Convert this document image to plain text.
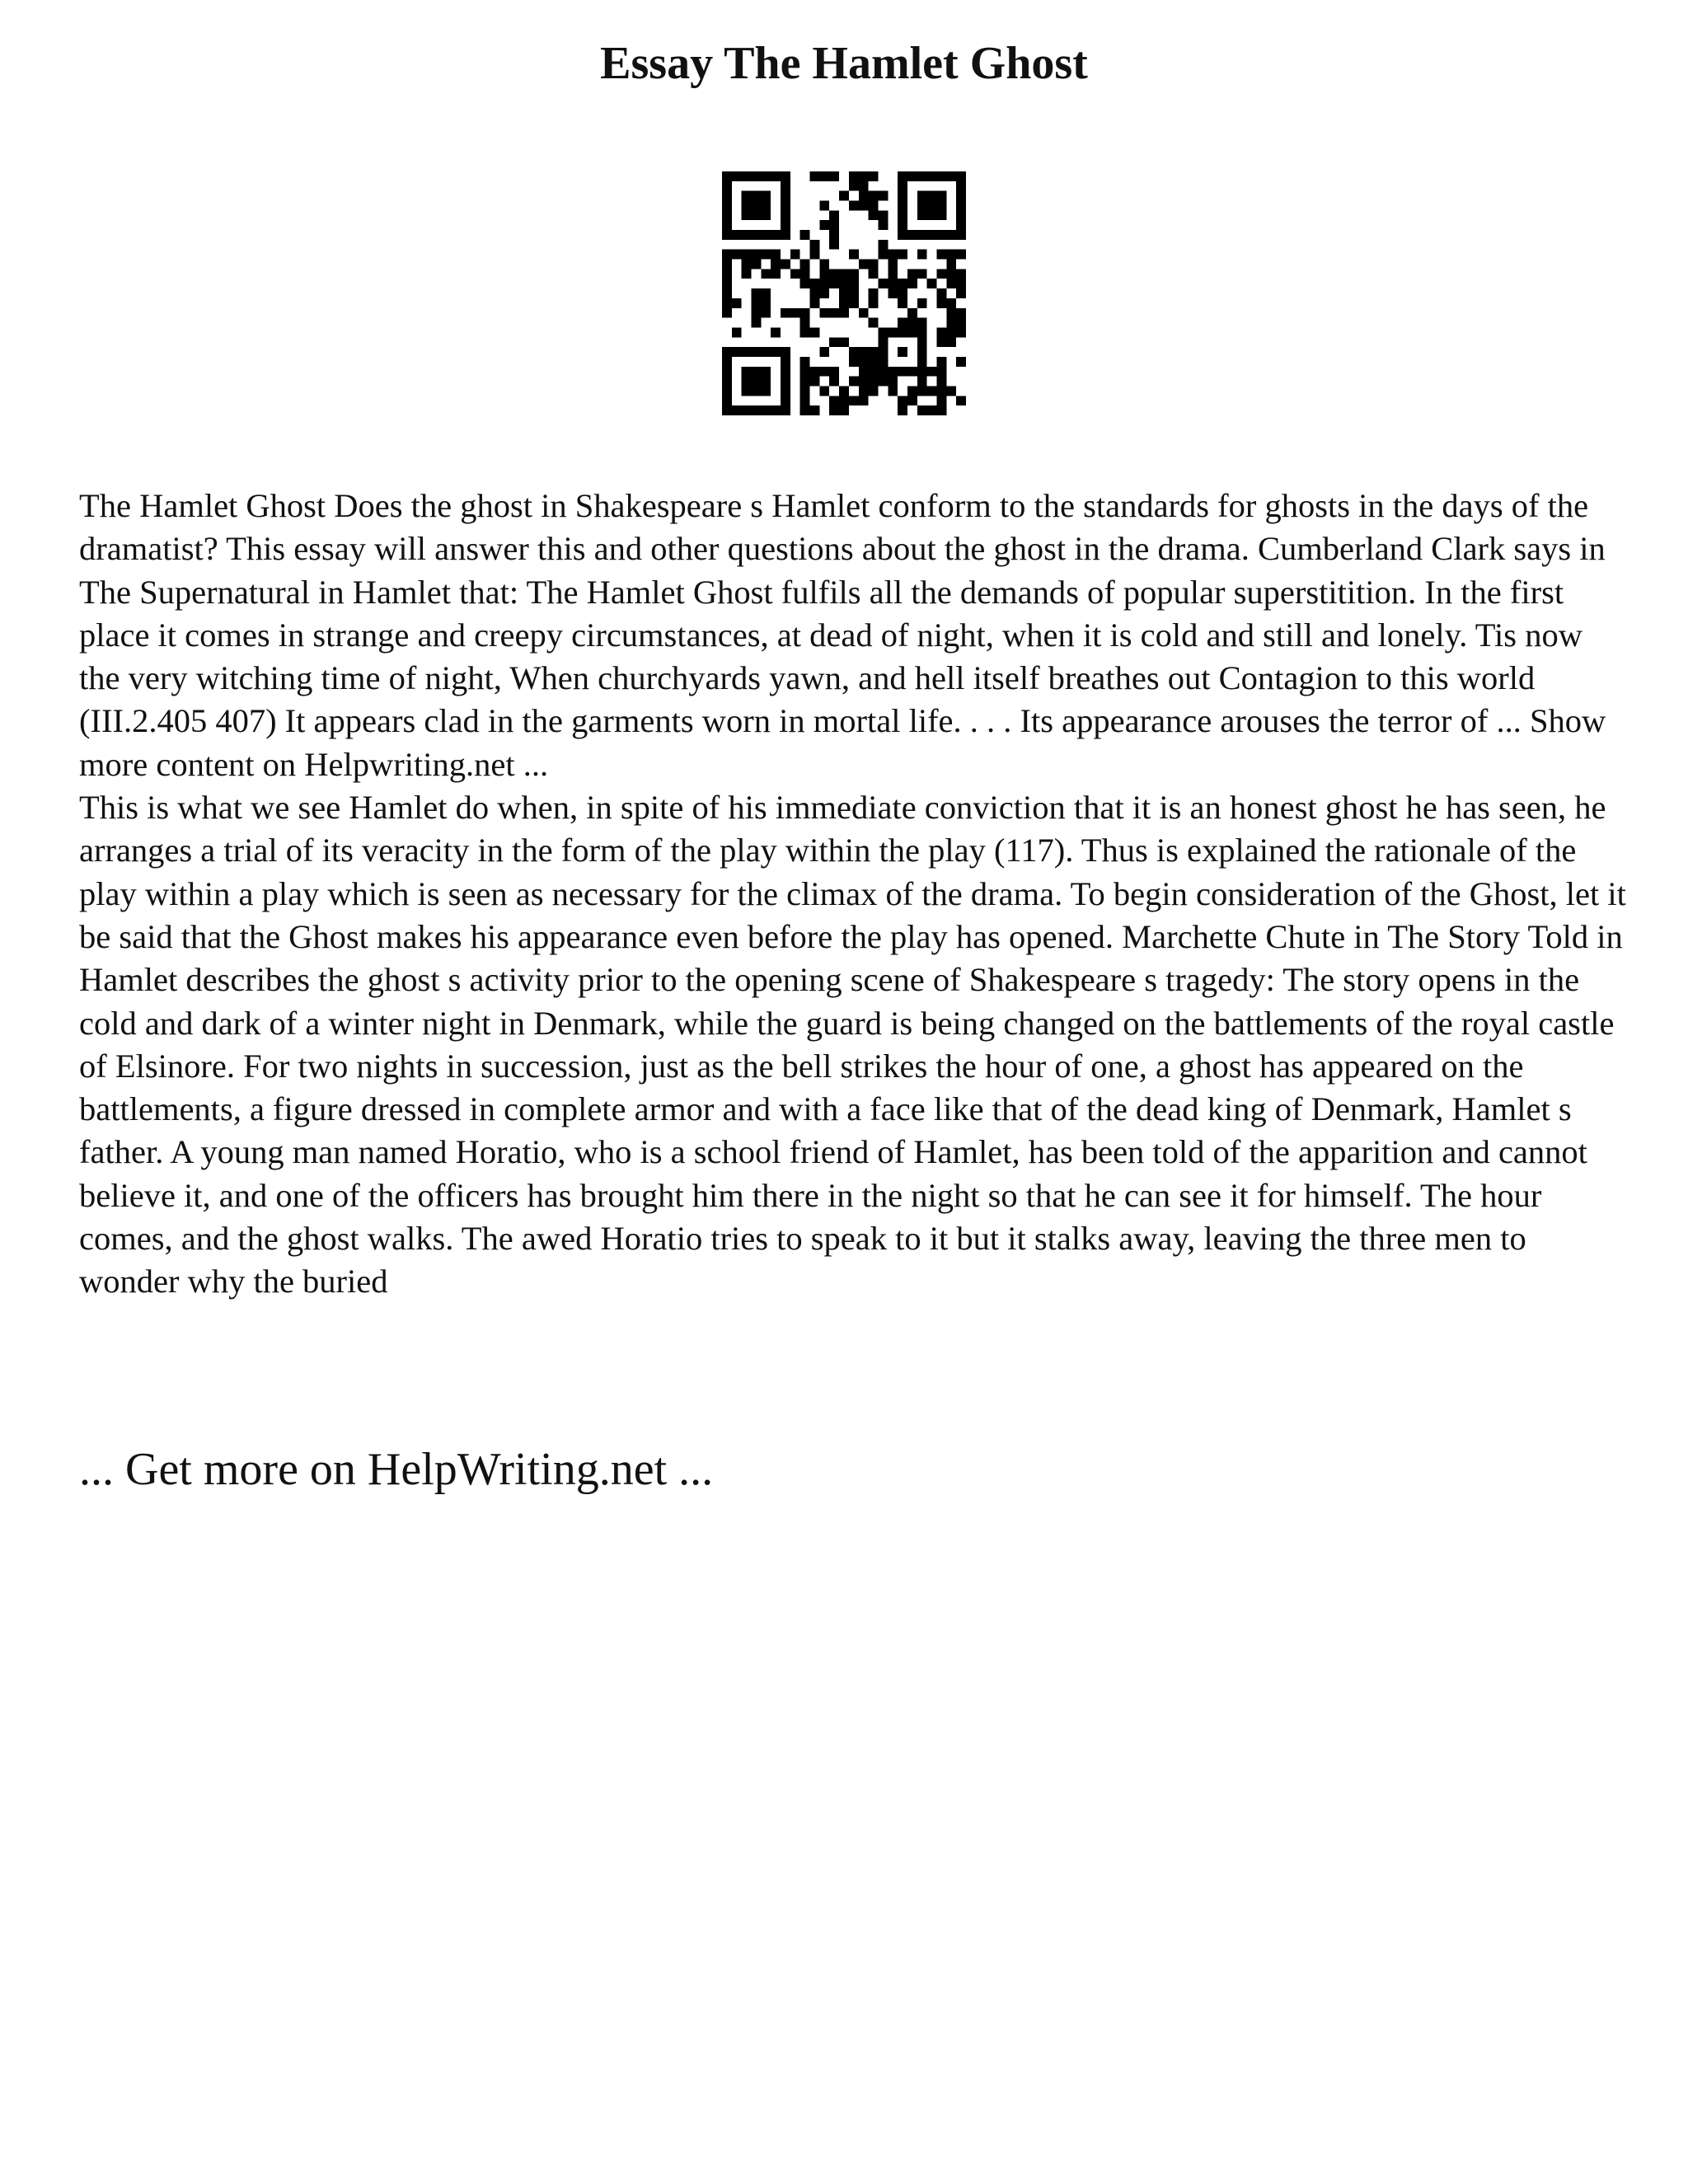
Essay The Hamlet Ghost

The Hamlet Ghost Does the ghost in Shakespeare s Hamlet conform to the standards for ghosts in the days of the dramatist? This essay will answer this and other questions about the ghost in the drama. Cumberland Clark says in The Supernatural in Hamlet that: The Hamlet Ghost fulfils all the demands of popular superstitition. In the first place it comes in strange and creepy circumstances, at dead of night, when it is cold and still and lonely. Tis now the very witching time of night, When churchyards yawn, and hell itself breathes out Contagion to this world (III.2.405 407) It appears clad in the garments worn in mortal life. . . . Its appearance arouses the terror of ... Show more content on Helpwriting.net ...

This is what we see Hamlet do when, in spite of his immediate conviction that it is an honest ghost he has seen, he arranges a trial of its veracity in the form of the play within the play (117). Thus is explained the rationale of the play within a play which is seen as necessary for the climax of the drama. To begin consideration of the Ghost, let it be said that the Ghost makes his appearance even before the play has opened. Marchette Chute in The Story Told in Hamlet describes the ghost s activity prior to the opening scene of Shakespeare s tragedy: The story opens in the cold and dark of a winter night in Denmark, while the guard is being changed on the battlements of the royal castle of Elsinore. For two nights in succession, just as the bell strikes the hour of one, a ghost has appeared on the battlements, a figure dressed in complete armor and with a face like that of the dead king of Denmark, Hamlet s father. A young man named Horatio, who is a school friend of Hamlet, has been told of the apparition and cannot believe it, and one of the officers has brought him there in the night so that he can see it for himself. The hour comes, and the ghost walks. The awed Horatio tries to speak to it but it stalks away, leaving the three men to wonder why the buried

... Get more on HelpWriting.net ...
